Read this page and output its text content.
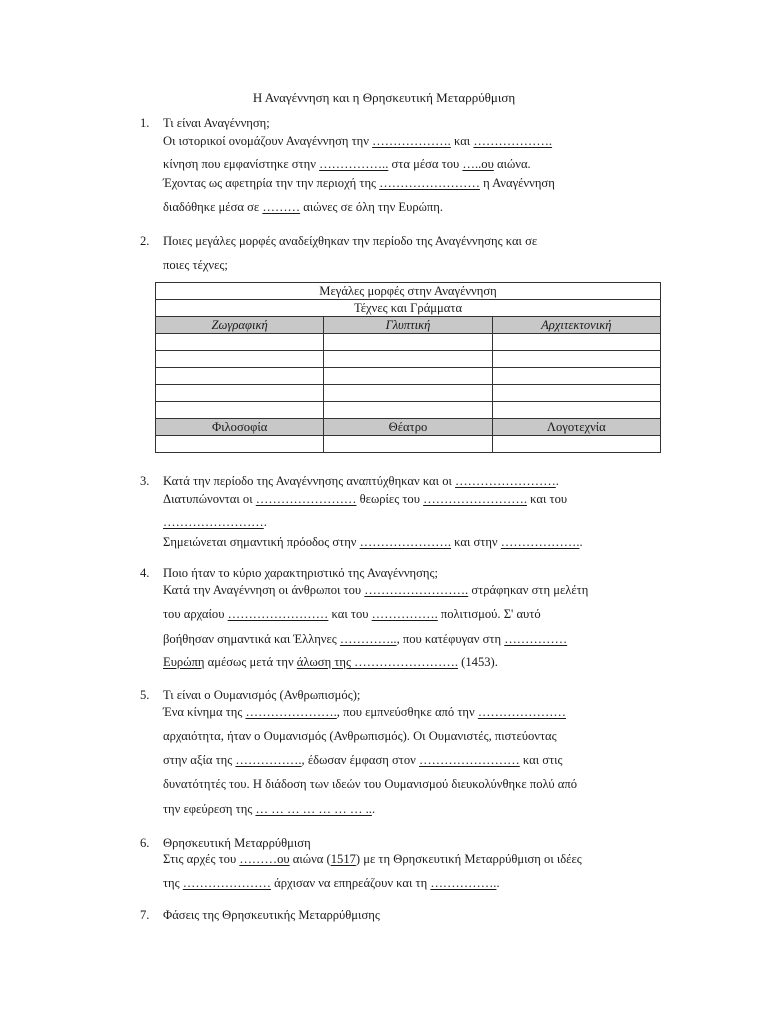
Η Αναγέννηση και η Θρησκευτική Μεταρρύθμιση
1. Τι είναι Αναγέννηση;
Οι ιστορικοί ονομάζουν Αναγέννηση την ………………. και ……………….
κίνηση που εμφανίστηκε στην …………….. στα μέσα του …..ου αιώνα.
Έχοντας ως αφετηρία την την περιοχή της …………………… η Αναγέννηση
διαδόθηκε μέσα σε ……… αιώνες σε όλη την Ευρώπη.
2. Ποιες μεγάλες μορφές αναδείχθηκαν την περίοδο της Αναγέννησης και σε
ποιες τέχνες;
Μεγάλες μορφές στην Αναγέννηση		
Τέχνες και Γράμματα		
Ζωγραφική	Γλυπτική	Αρχιτεκτονική

Φιλοσοφία	Θέατρο	Λογοτεχνία

3. Κατά την περίοδο της Αναγέννησης αναπτύχθηκαν και οι …………………….
Διατυπώνονται οι …………………… θεωρίες του ……………………. και του
…………………….
Σημειώνεται σημαντική πρόοδος στην …………………. και στην ………………..
4. Ποιο ήταν το κύριο χαρακτηριστικό της Αναγέννησης;
Κατά την Αναγέννηση οι άνθρωποι του ……………………. στράφηκαν στη μελέτη
του αρχαίου …………………… και του ……………. πολιτισμού. Σ' αυτό
βοήθησαν σημαντικά και Έλληνες ………….., που κατέφυγαν στη ……………
Ευρώπη αμέσως μετά την άλωση της ……………………. (1453).
5. Τι είναι ο Ουμανισμός (Ανθρωπισμός);
Ένα κίνημα της …………………., που εμπνεύσθηκε από την …………………
αρχαιότητα, ήταν ο Ουμανισμός (Ανθρωπισμός). Οι Ουμανιστές, πιστεύοντας
στην αξία της ……………., έδωσαν έμφαση στον …………………… και στις
δυνατότητές του. Η διάδοση των ιδεών του Ουμανισμού διευκολύνθηκε πολύ από
την εφεύρεση της … … … … … … … ...
6. Θρησκευτική Μεταρρύθμιση
Στις αρχές του ………ου αιώνα (1517) με τη Θρησκευτική Μεταρρύθμιση οι ιδέες
της ………………… άρχισαν να επηρεάζουν και τη ……………..
7. Φάσεις της Θρησκευτικής Μεταρρύθμισης
